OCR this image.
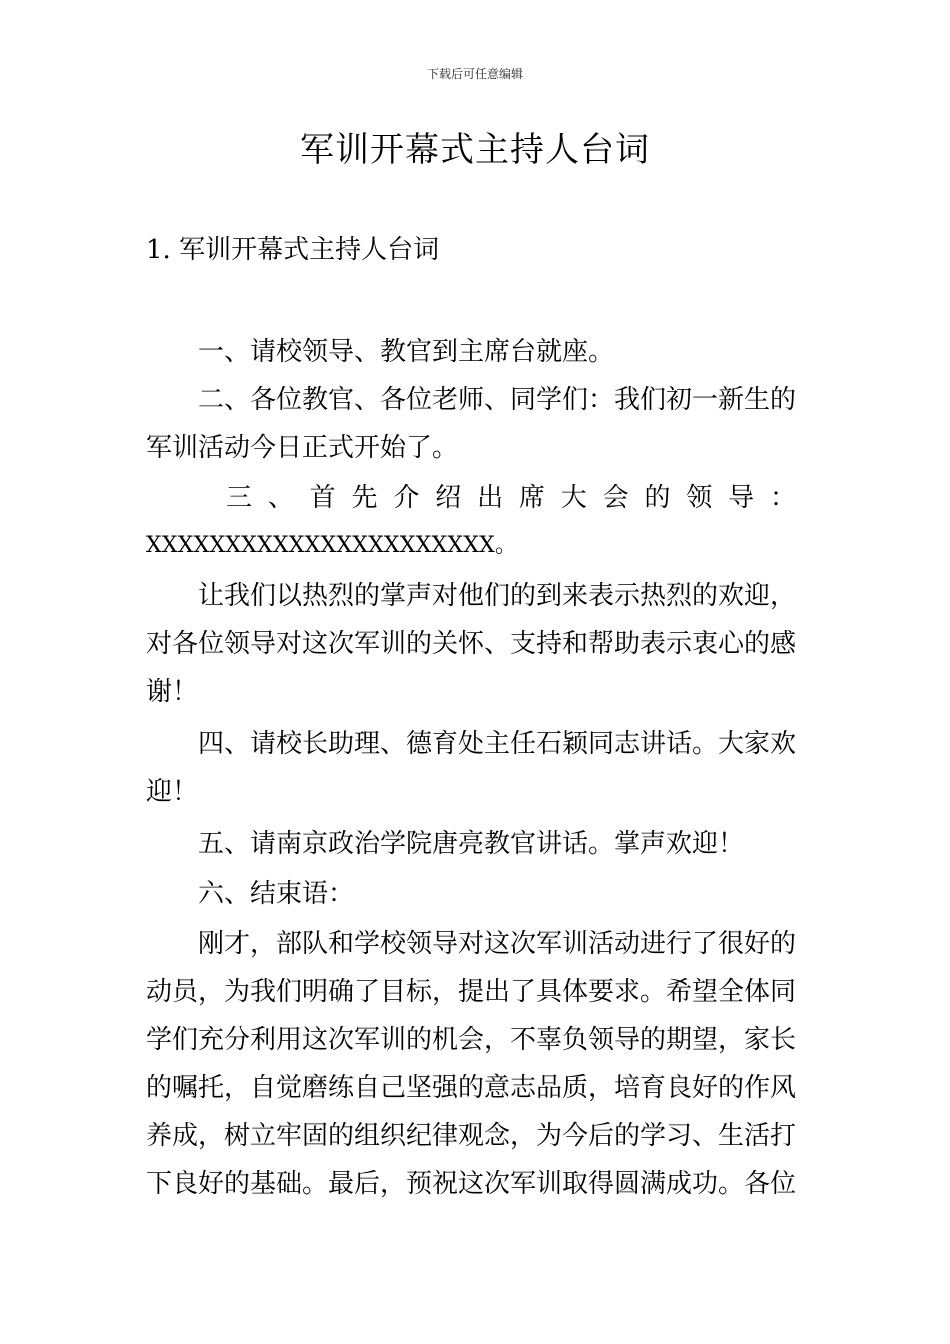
下载后可任意编辑
军训开幕式主持人台词

1. 军训开幕式主持人台词

一、请校领导、教官到主席台就座。

二、各位教官、各位老师、同学们：我们初一新生的军训活动今日正式开始了。

三、首先介绍出席大会的领导：

XXXXXXXXXXXXXXXXXXXXXX。

让我们以热烈的掌声对他们的到来表示热烈的欢迎，对各位领导对这次军训的关怀、支持和帮助表示衷心的感谢！

四、请校长助理、德育处主任石颖同志讲话。大家欢迎！

五、请南京政治学院唐亮教官讲话。掌声欢迎！

六、结束语：

刚才，部队和学校领导对这次军训活动进行了很好的动员，为我们明确了目标，提出了具体要求。希望全体同学们充分利用这次军训的机会，不辜负领导的期望，家长的嘱托，自觉磨练自己坚强的意志品质，培育良好的作风养成，树立牢固的组织纪律观念，为今后的学习、生活打下良好的基础。最后，预祝这次军训取得圆满成功。各位
